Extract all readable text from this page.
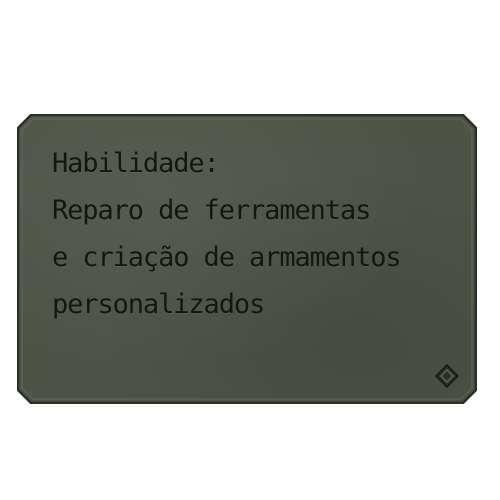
Habilidade:
Reparo de ferramentas
e criação de armamentos
personalizados
